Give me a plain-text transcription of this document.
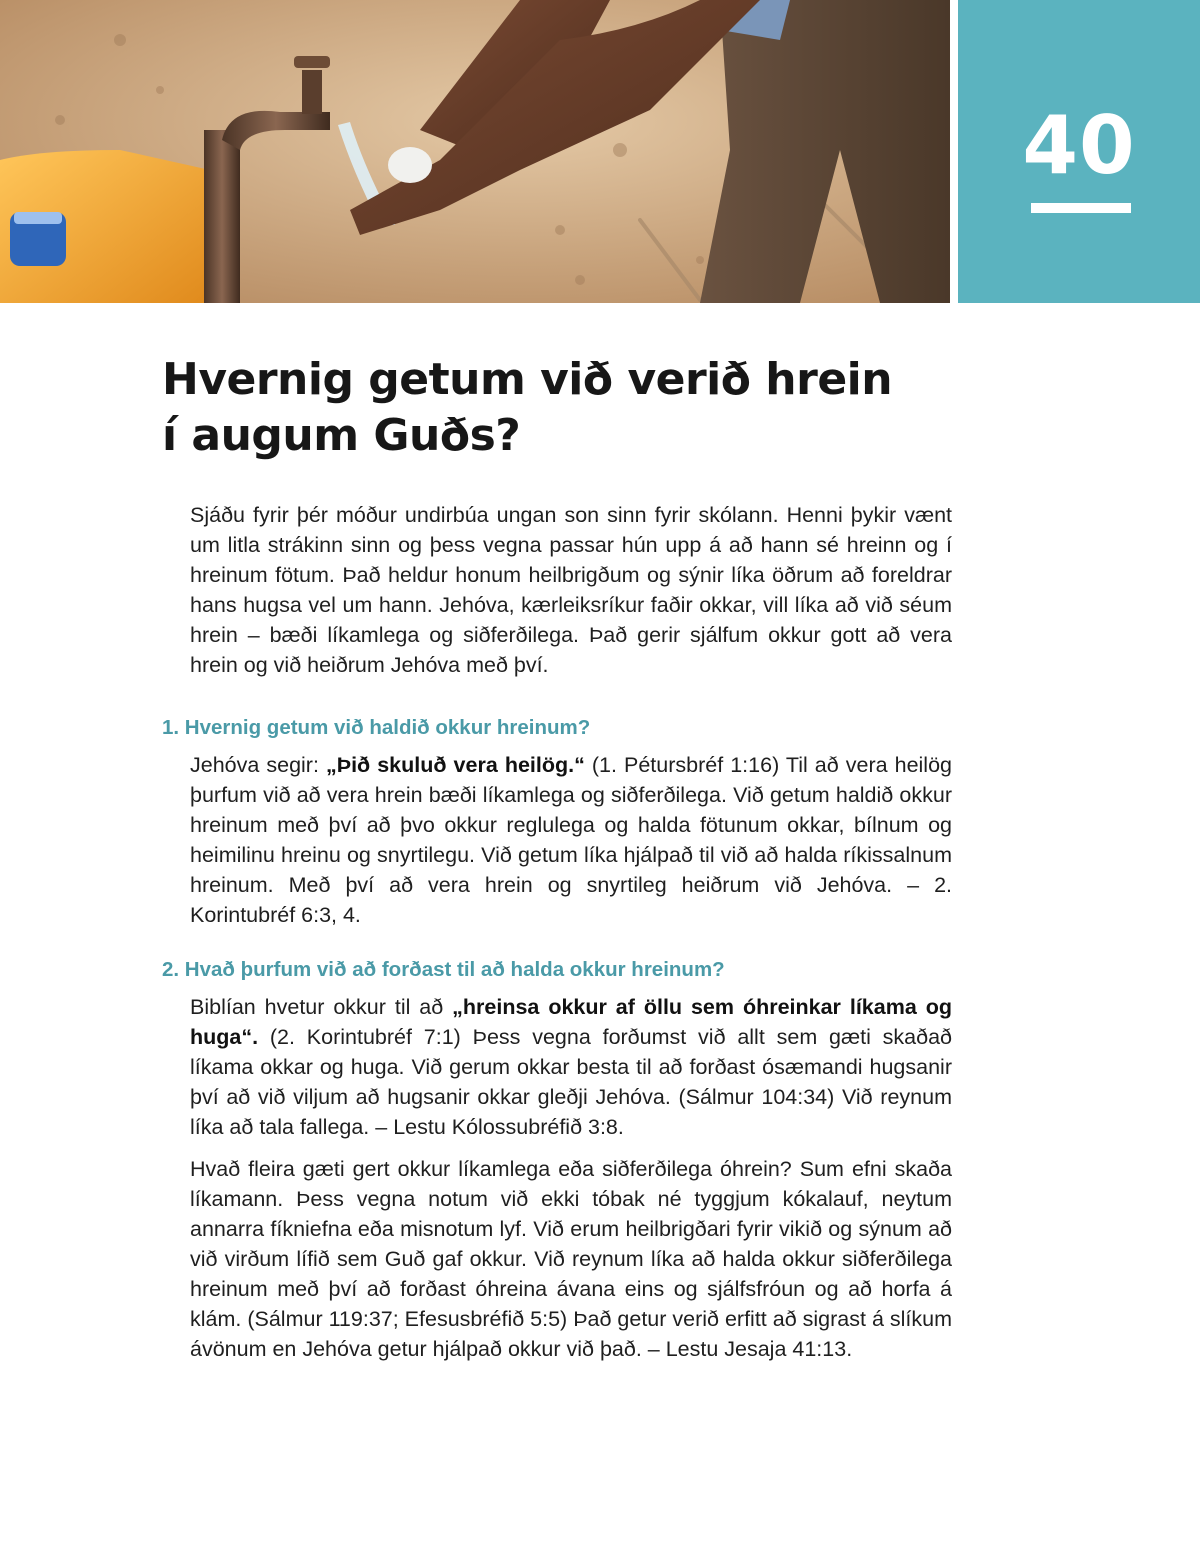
40
Hvernig getum við verið hrein
í augum Guðs?

Sjáðu fyrir þér móður undirbúa ungan son sinn fyrir skólann. Henni þykir vænt um litla strákinn sinn og þess vegna passar hún upp á að hann sé hreinn og í hreinum fötum. Það heldur honum heilbrigðum og sýnir líka öðrum að foreldrar hans hugsa vel um hann. Jehóva, kærleiksríkur faðir okkar, vill líka að við séum hrein – bæði líkamlega og siðferðilega. Það gerir sjálfum okkur gott að vera hrein og við heiðrum Jehóva með því.

1. Hvernig getum við haldið okkur hreinum?

Jehóva segir: „Þið skuluð vera heilög.“ (1. Pétursbréf 1:16) Til að vera heilög þurfum við að vera hrein bæði líkamlega og siðferðilega. Við getum haldið okkur hreinum með því að þvo okkur reglulega og halda fötunum okkar, bílnum og heimilinu hreinu og snyrtilegu. Við getum líka hjálpað til við að halda ríkissalnum hreinum. Með því að vera hrein og snyrtileg heiðrum við Jehóva. – 2. Korintubréf 6:3, 4.

2. Hvað þurfum við að forðast til að halda okkur hreinum?

Biblían hvetur okkur til að „hreinsa okkur af öllu sem óhreinkar líkama og huga“. (2. Korintubréf 7:1) Þess vegna forðumst við allt sem gæti skaðað líkama okkar og huga. Við gerum okkar besta til að forðast ósæmandi hugsanir því að við viljum að hugsanir okkar gleðji Jehóva. (Sálmur 104:34) Við reynum líka að tala fallega. – Lestu Kólossubréfið 3:8.

Hvað fleira gæti gert okkur líkamlega eða siðferðilega óhrein? Sum efni skaða líkamann. Þess vegna notum við ekki tóbak né tyggjum kókalauf, neytum annarra fíkniefna eða misnotum lyf. Við erum heilbrigðari fyrir vikið og sýnum að við virðum lífið sem Guð gaf okkur. Við reynum líka að halda okkur siðferðilega hreinum með því að forðast óhreina ávana eins og sjálfsfróun og að horfa á klám. (Sálmur 119:37; Efesusbréfið 5:5) Það getur verið erfitt að sigrast á slíkum ávönum en Jehóva getur hjálpað okkur við það. – Lestu Jesaja 41:13.
